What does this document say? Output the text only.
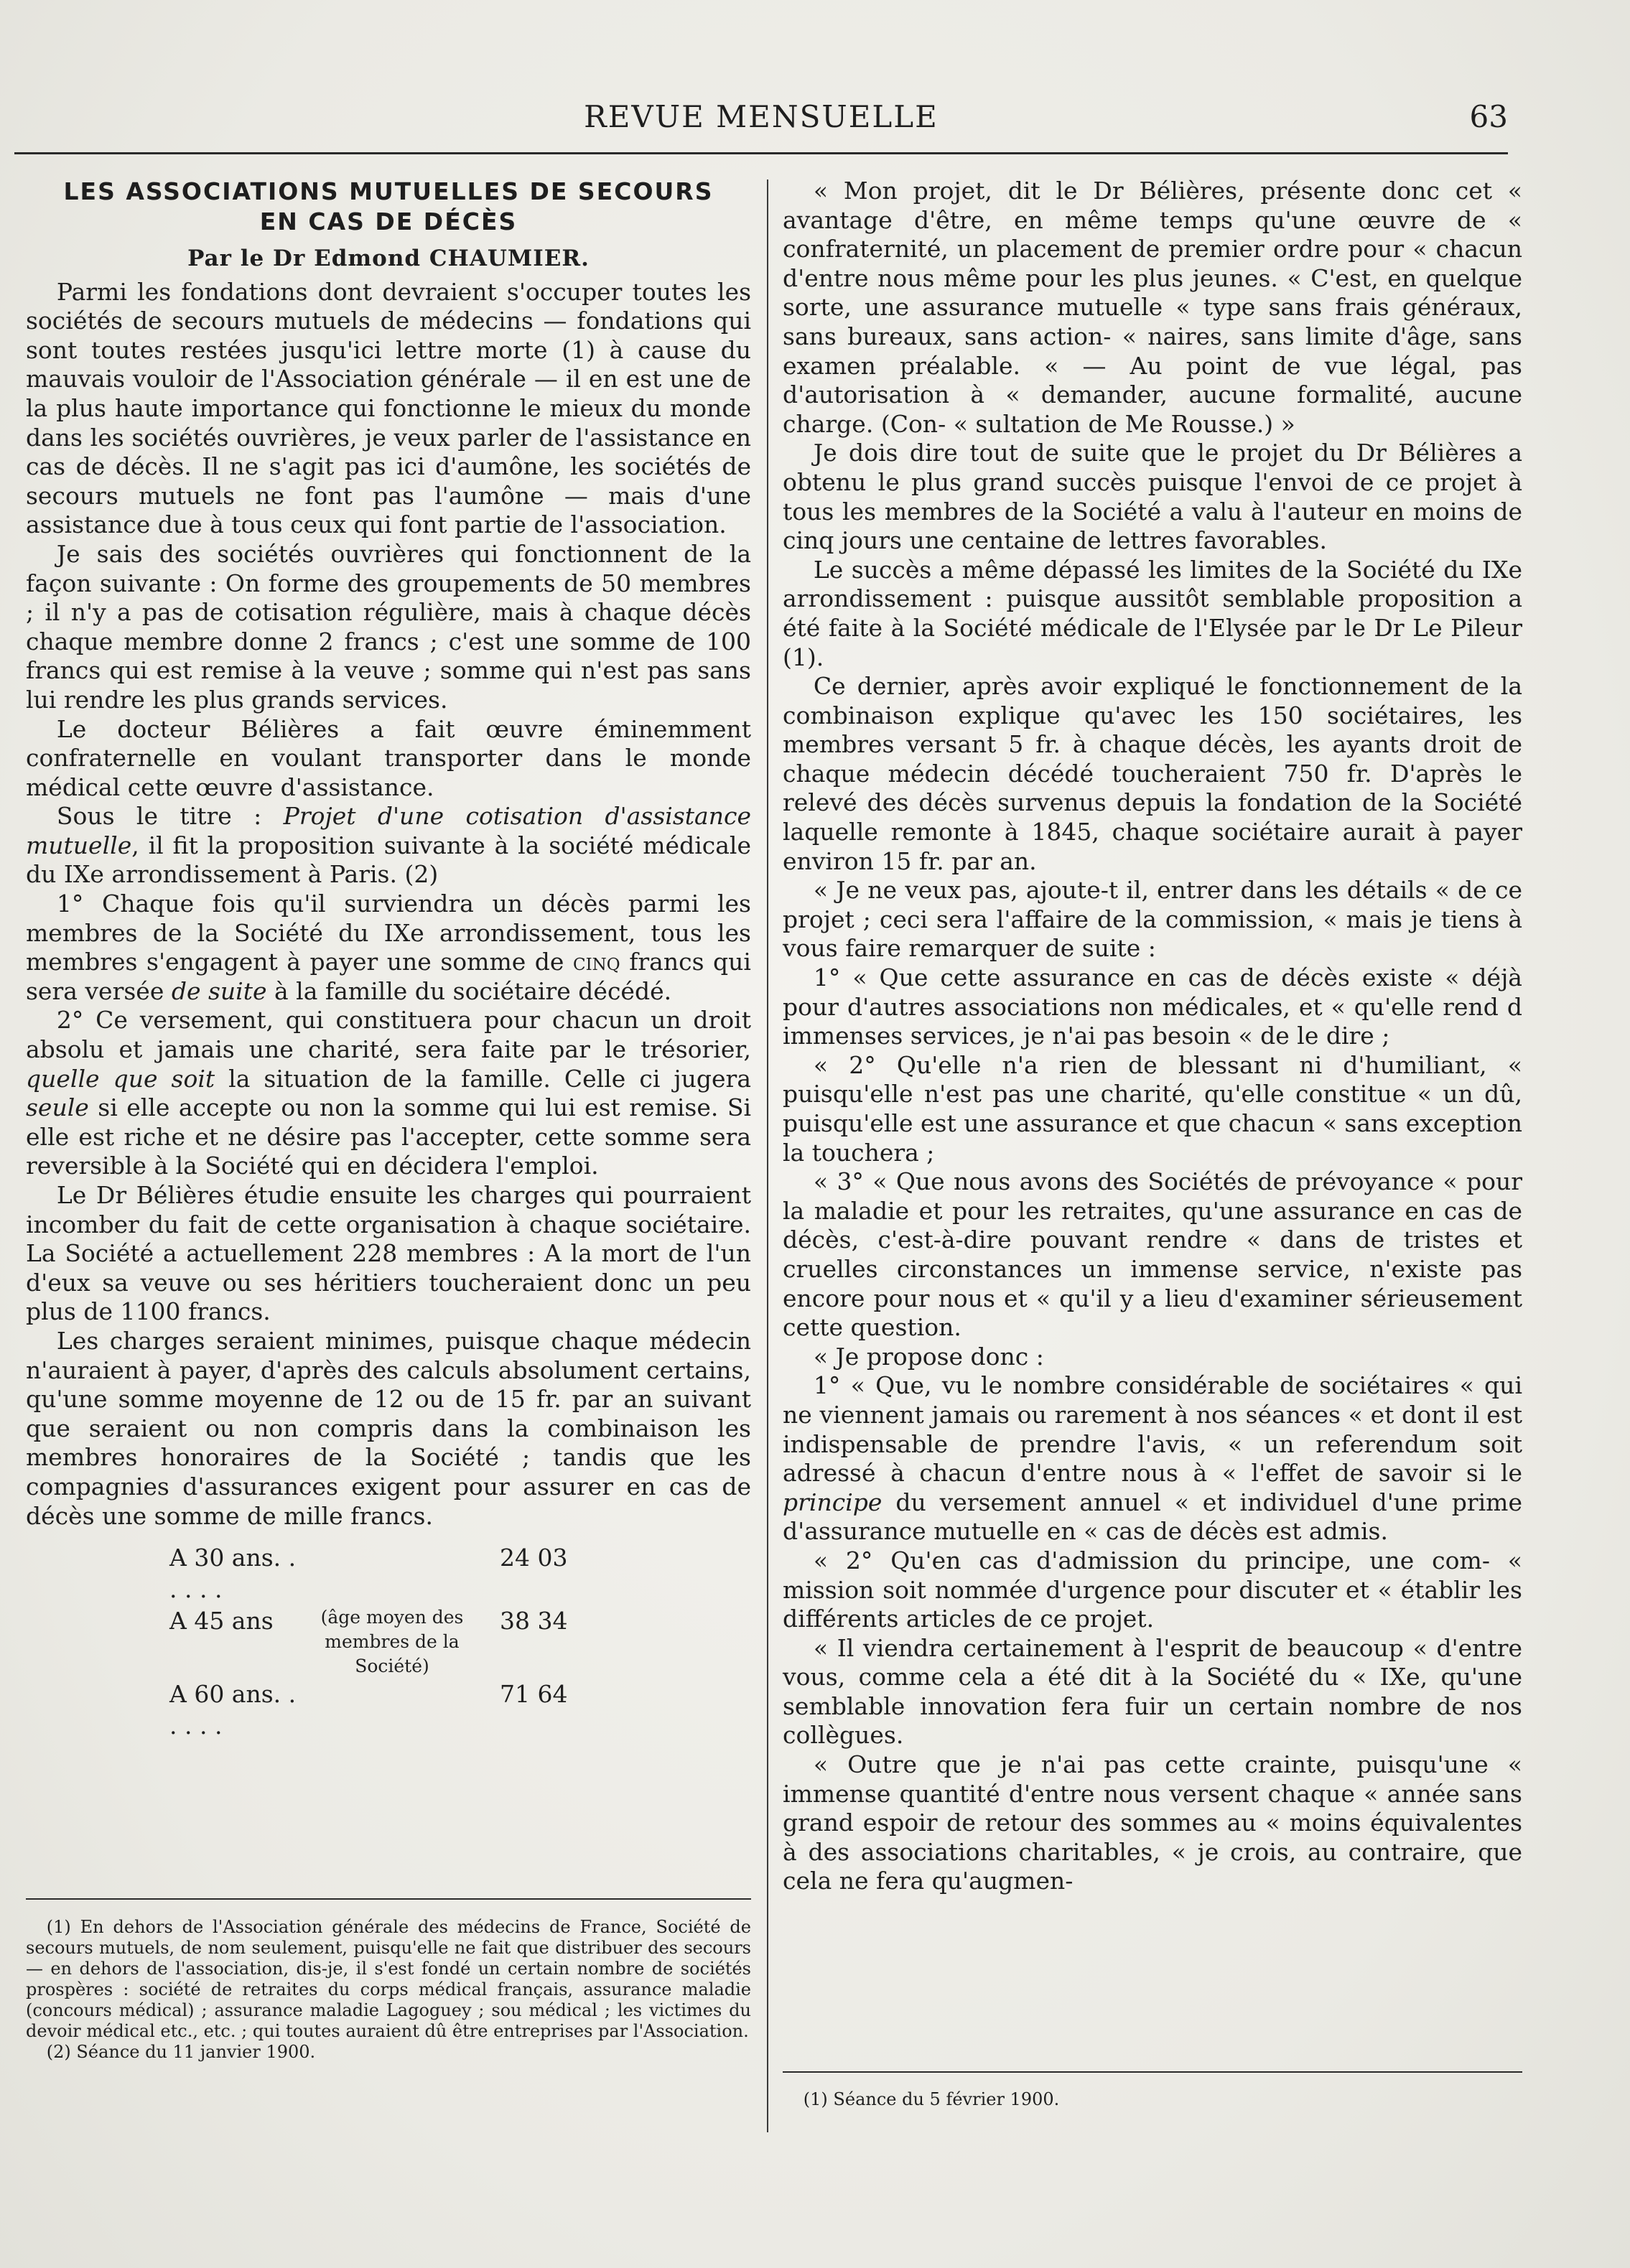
REVUE MENSUELLE	63
LES ASSOCIATIONS MUTUELLES DE SECOURS
EN CAS DE DÉCÈS
Par le Dr Edmond CHAUMIER.

Parmi les fondations dont devraient s'occuper toutes les sociétés de secours mutuels de médecins — fondations qui sont toutes restées jusqu'ici lettre morte (1) à cause du mauvais vouloir de l'Association générale — il en est une de la plus haute importance qui fonctionne le mieux du monde dans les sociétés ouvrières, je veux parler de l'assistance en cas de décès. Il ne s'agit pas ici d'aumône, les sociétés de secours mutuels ne font pas l'aumône — mais d'une assistance due à tous ceux qui font partie de l'association.

Je sais des sociétés ouvrières qui fonctionnent de la façon suivante : On forme des groupements de 50 membres ; il n'y a pas de cotisation régulière, mais à chaque décès chaque membre donne 2 francs ; c'est une somme de 100 francs qui est remise à la veuve ; somme qui n'est pas sans lui rendre les plus grands services.

Le docteur Bélières a fait œuvre éminemment confraternelle en voulant transporter dans le monde médical cette œuvre d'assistance.

Sous le titre : Projet d'une cotisation d'assistance mutuelle, il fit la proposition suivante à la société médicale du IXe arrondissement à Paris. (2)

1° Chaque fois qu'il surviendra un décès parmi les membres de la Société du IXe arrondissement, tous les membres s'engagent à payer une somme de cinq francs qui sera versée de suite à la famille du sociétaire décédé.

2° Ce versement, qui constituera pour chacun un droit absolu et jamais une charité, sera faite par le trésorier, quelle que soit la situation de la famille. Celle ci jugera seule si elle accepte ou non la somme qui lui est remise. Si elle est riche et ne désire pas l'accepter, cette somme sera reversible à la Société qui en décidera l'emploi.

Le Dr Bélières étudie ensuite les charges qui pourraient incomber du fait de cette organisation à chaque sociétaire. La Société a actuellement 228 membres : A la mort de l'un d'eux sa veuve ou ses héritiers toucheraient donc un peu plus de 1100 francs.

Les charges seraient minimes, puisque chaque médecin n'auraient à payer, d'après des calculs absolument certains, qu'une somme moyenne de 12 ou de 15 fr. par an suivant que seraient ou non compris dans la combinaison les membres honoraires de la Société ; tandis que les compagnies d'assurances exigent pour assurer en cas de décès une somme de mille francs.

A 30 ans. . . . . .
24 03
A 45 ans	(âge moyen des membres de la Société)
38 34
A 60 ans. . . . . .
71 64

(1) En dehors de l'Association générale des médecins de France, Société de secours mutuels, de nom seulement, puisqu'elle ne fait que distribuer des secours — en dehors de l'association, dis-je, il s'est fondé un certain nombre de sociétés prospères : société de retraites du corps médical français, assurance maladie (concours médical) ; assurance maladie Lagoguey ; sou médical ; les victimes du devoir médical etc., etc. ; qui toutes auraient dû être entreprises par l'Association.

(2) Séance du 11 janvier 1900.

« Mon projet, dit le Dr Bélières, présente donc cet « avantage d'être, en même temps qu'une œuvre de « confraternité, un placement de premier ordre pour « chacun d'entre nous même pour les plus jeunes. « C'est, en quelque sorte, une assurance mutuelle « type sans frais généraux, sans bureaux, sans action- « naires, sans limite d'âge, sans examen préalable. « — Au point de vue légal, pas d'autorisation à « demander, aucune formalité, aucune charge. (Con- « sultation de Me Rousse.) »

Je dois dire tout de suite que le projet du Dr Bélières a obtenu le plus grand succès puisque l'envoi de ce projet à tous les membres de la Société a valu à l'auteur en moins de cinq jours une centaine de lettres favorables.

Le succès a même dépassé les limites de la Société du IXe arrondissement : puisque aussitôt semblable proposition a été faite à la Société médicale de l'Elysée par le Dr Le Pileur (1).

Ce dernier, après avoir expliqué le fonctionnement de la combinaison explique qu'avec les 150 sociétaires, les membres versant 5 fr. à chaque décès, les ayants droit de chaque médecin décédé toucheraient 750 fr. D'après le relevé des décès survenus depuis la fondation de la Société laquelle remonte à 1845, chaque sociétaire aurait à payer environ 15 fr. par an.

« Je ne veux pas, ajoute-t il, entrer dans les détails « de ce projet ; ceci sera l'affaire de la commission, « mais je tiens à vous faire remarquer de suite :

1° « Que cette assurance en cas de décès existe « déjà pour d'autres associations non médicales, et « qu'elle rend d immenses services, je n'ai pas besoin « de le dire ;

« 2° Qu'elle n'a rien de blessant ni d'humiliant, « puisqu'elle n'est pas une charité, qu'elle constitue « un dû, puisqu'elle est une assurance et que chacun « sans exception la touchera ;

« 3° « Que nous avons des Sociétés de prévoyance « pour la maladie et pour les retraites, qu'une assurance en cas de décès, c'est-à-dire pouvant rendre « dans de tristes et cruelles circonstances un immense service, n'existe pas encore pour nous et « qu'il y a lieu d'examiner sérieusement cette question.

« Je propose donc :

1° « Que, vu le nombre considérable de sociétaires « qui ne viennent jamais ou rarement à nos séances « et dont il est indispensable de prendre l'avis, « un referendum soit adressé à chacun d'entre nous à « l'effet de savoir si le principe du versement annuel « et individuel d'une prime d'assurance mutuelle en « cas de décès est admis.

« 2° Qu'en cas d'admission du principe, une com- « mission soit nommée d'urgence pour discuter et « établir les différents articles de ce projet.

« Il viendra certainement à l'esprit de beaucoup « d'entre vous, comme cela a été dit à la Société du « IXe, qu'une semblable innovation fera fuir un certain nombre de nos collègues.

« Outre que je n'ai pas cette crainte, puisqu'une « immense quantité d'entre nous versent chaque « année sans grand espoir de retour des sommes au « moins équivalentes à des associations charitables, « je crois, au contraire, que cela ne fera qu'augmen-

(1) Séance du 5 février 1900.
